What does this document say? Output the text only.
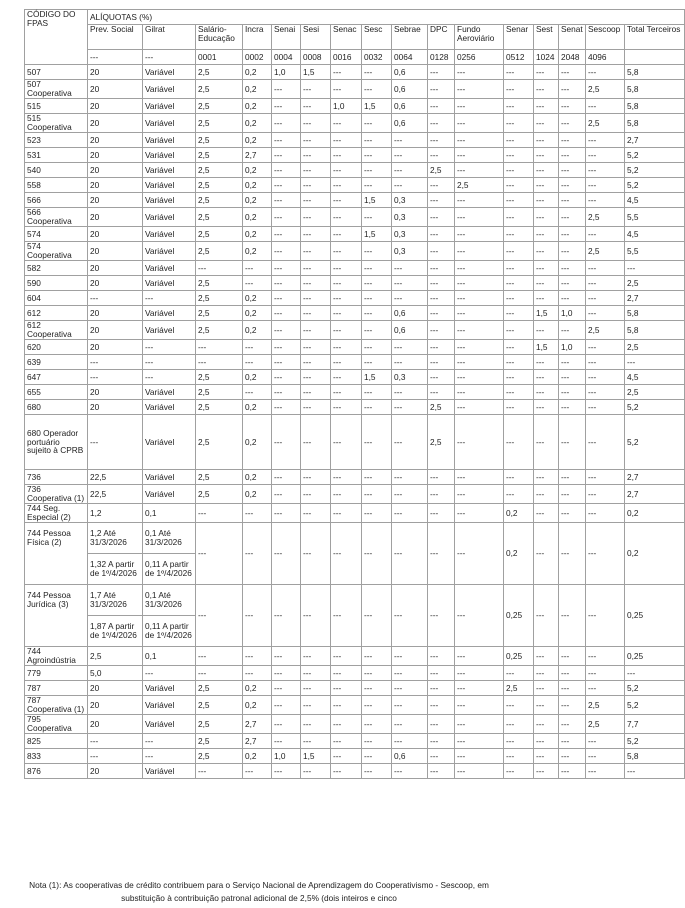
CÓDIGO DO FPAS	ALÍQUOTAS (%)															
	Prev. Social	Gilrat	Salário-Educação	Incra	Senai	Sesi	Senac	Sesc	Sebrae	DPC	Fundo Aeroviário	Senar	Sest	Senat	Sescoop	Total Terceiros
	---	---	0001	0002	0004	0008	0016	0032	0064	0128	0256	0512	1024	2048	4096	
507	20	Variável	2,5	0,2	1,0	1,5	---	---	0,6	---	---	---	---	---	---	5,8
507 Cooperativa	20	Variável	2,5	0,2	---	---	---	---	0,6	---	---	---	---	---	2,5	5,8
515	20	Variável	2,5	0,2	---	---	1,0	1,5	0,6	---	---	---	---	---	---	5,8
515 Cooperativa	20	Variável	2,5	0,2	---	---	---	---	0,6	---	---	---	---	---	2,5	5,8
523	20	Variável	2,5	0,2	---	---	---	---	---	---	---	---	---	---	---	2,7
531	20	Variável	2,5	2,7	---	---	---	---	---	---	---	---	---	---	---	5,2
540	20	Variável	2,5	0,2	---	---	---	---	---	2,5	---	---	---	---	---	5,2
558	20	Variável	2,5	0,2	---	---	---	---	---	---	2,5	---	---	---	---	5,2
566	20	Variável	2,5	0,2	---	---	---	1,5	0,3	---	---	---	---	---	---	4,5
566 Cooperativa	20	Variável	2,5	0,2	---	---	---	---	0,3	---	---	---	---	---	2,5	5,5
574	20	Variável	2,5	0,2	---	---	---	1,5	0,3	---	---	---	---	---	---	4,5
574 Cooperativa	20	Variável	2,5	0,2	---	---	---	---	0,3	---	---	---	---	---	2,5	5,5
582	20	Variável	---	---	---	---	---	---	---	---	---	---	---	---	---	---
590	20	Variável	2,5	---	---	---	---	---	---	---	---	---	---	---	---	2,5
604	---	---	2,5	0,2	---	---	---	---	---	---	---	---	---	---	---	2,7
612	20	Variável	2,5	0,2	---	---	---	---	0,6	---	---	---	1,5	1,0	---	5,8
612 Cooperativa	20	Variável	2,5	0,2	---	---	---	---	0,6	---	---	---	---	---	2,5	5,8
620	20	---	---	---	---	---	---	---	---	---	---	---	1,5	1,0	---	2,5
639	---	---	---	---	---	---	---	---	---	---	---	---	---	---	---	---
647	---	---	2,5	0,2	---	---	---	1,5	0,3	---	---	---	---	---	---	4,5
655	20	Variável	2,5	---	---	---	---	---	---	---	---	---	---	---	---	2,5
680	20	Variável	2,5	0,2	---	---	---	---	---	2,5	---	---	---	---	---	5,2
680 Operador portuário sujeito à CPRB	---	Variável	2,5	0,2	---	---	---	---	---	2,5	---	---	---	---	---	5,2
736	22,5	Variável	2,5	0,2	---	---	---	---	---	---	---	---	---	---	---	2,7
736 Cooperativa (1)	22,5	Variável	2,5	0,2	---	---	---	---	---	---	---	---	---	---	---	2,7
744 Seg. Especial (2)	1,2	0,1	---	---	---	---	---	---	---	---	---	0,2	---	---	---	0,2
744 Pessoa Física (2)	1,2 Até 31/3/2026	0,1 Até 31/3/2026	---	---	---	---	---	---	---	---	---	0,2	---	---	---	0,2
	1,32 A partir de 1º/4/2026	0,11 A partir de 1º/4/2026														
744 Pessoa Jurídica (3)	1,7 Até 31/3/2026	0,1 Até 31/3/2026	---	---	---	---	---	---	---	---	---	0,25	---	---	---	0,25
	1,87 A partir de 1º/4/2026	0,11 A partir de 1º/4/2026														
744 Agroindústria	2,5	0,1	---	---	---	---	---	---	---	---	---	0,25	---	---	---	0,25
779	5,0	---	---	---	---	---	---	---	---	---	---	---	---	---	---	---
787	20	Variável	2,5	0,2	---	---	---	---	---	---	---	2,5	---	---	---	5,2
787 Cooperativa (1)	20	Variável	2,5	0,2	---	---	---	---	---	---	---	---	---	---	2,5	5,2
795 Cooperativa	20	Variável	2,5	2,7	---	---	---	---	---	---	---	---	---	---	2,5	7,7
825	---	---	2,5	2,7	---	---	---	---	---	---	---	---	---	---	---	5,2
833	---	---	2,5	0,2	1,0	1,5	---	---	0,6	---	---	---	---	---	---	5,8
876	20	Variável	---	---	---	---	---	---	---	---	---	---	---	---	---	---
Nota (1): As cooperativas de crédito contribuem para o Serviço Nacional de Aprendizagem do Cooperativismo - Sescoop, em substituição à contribuição patronal adicional de 2,5% (dois inteiros e cinco
